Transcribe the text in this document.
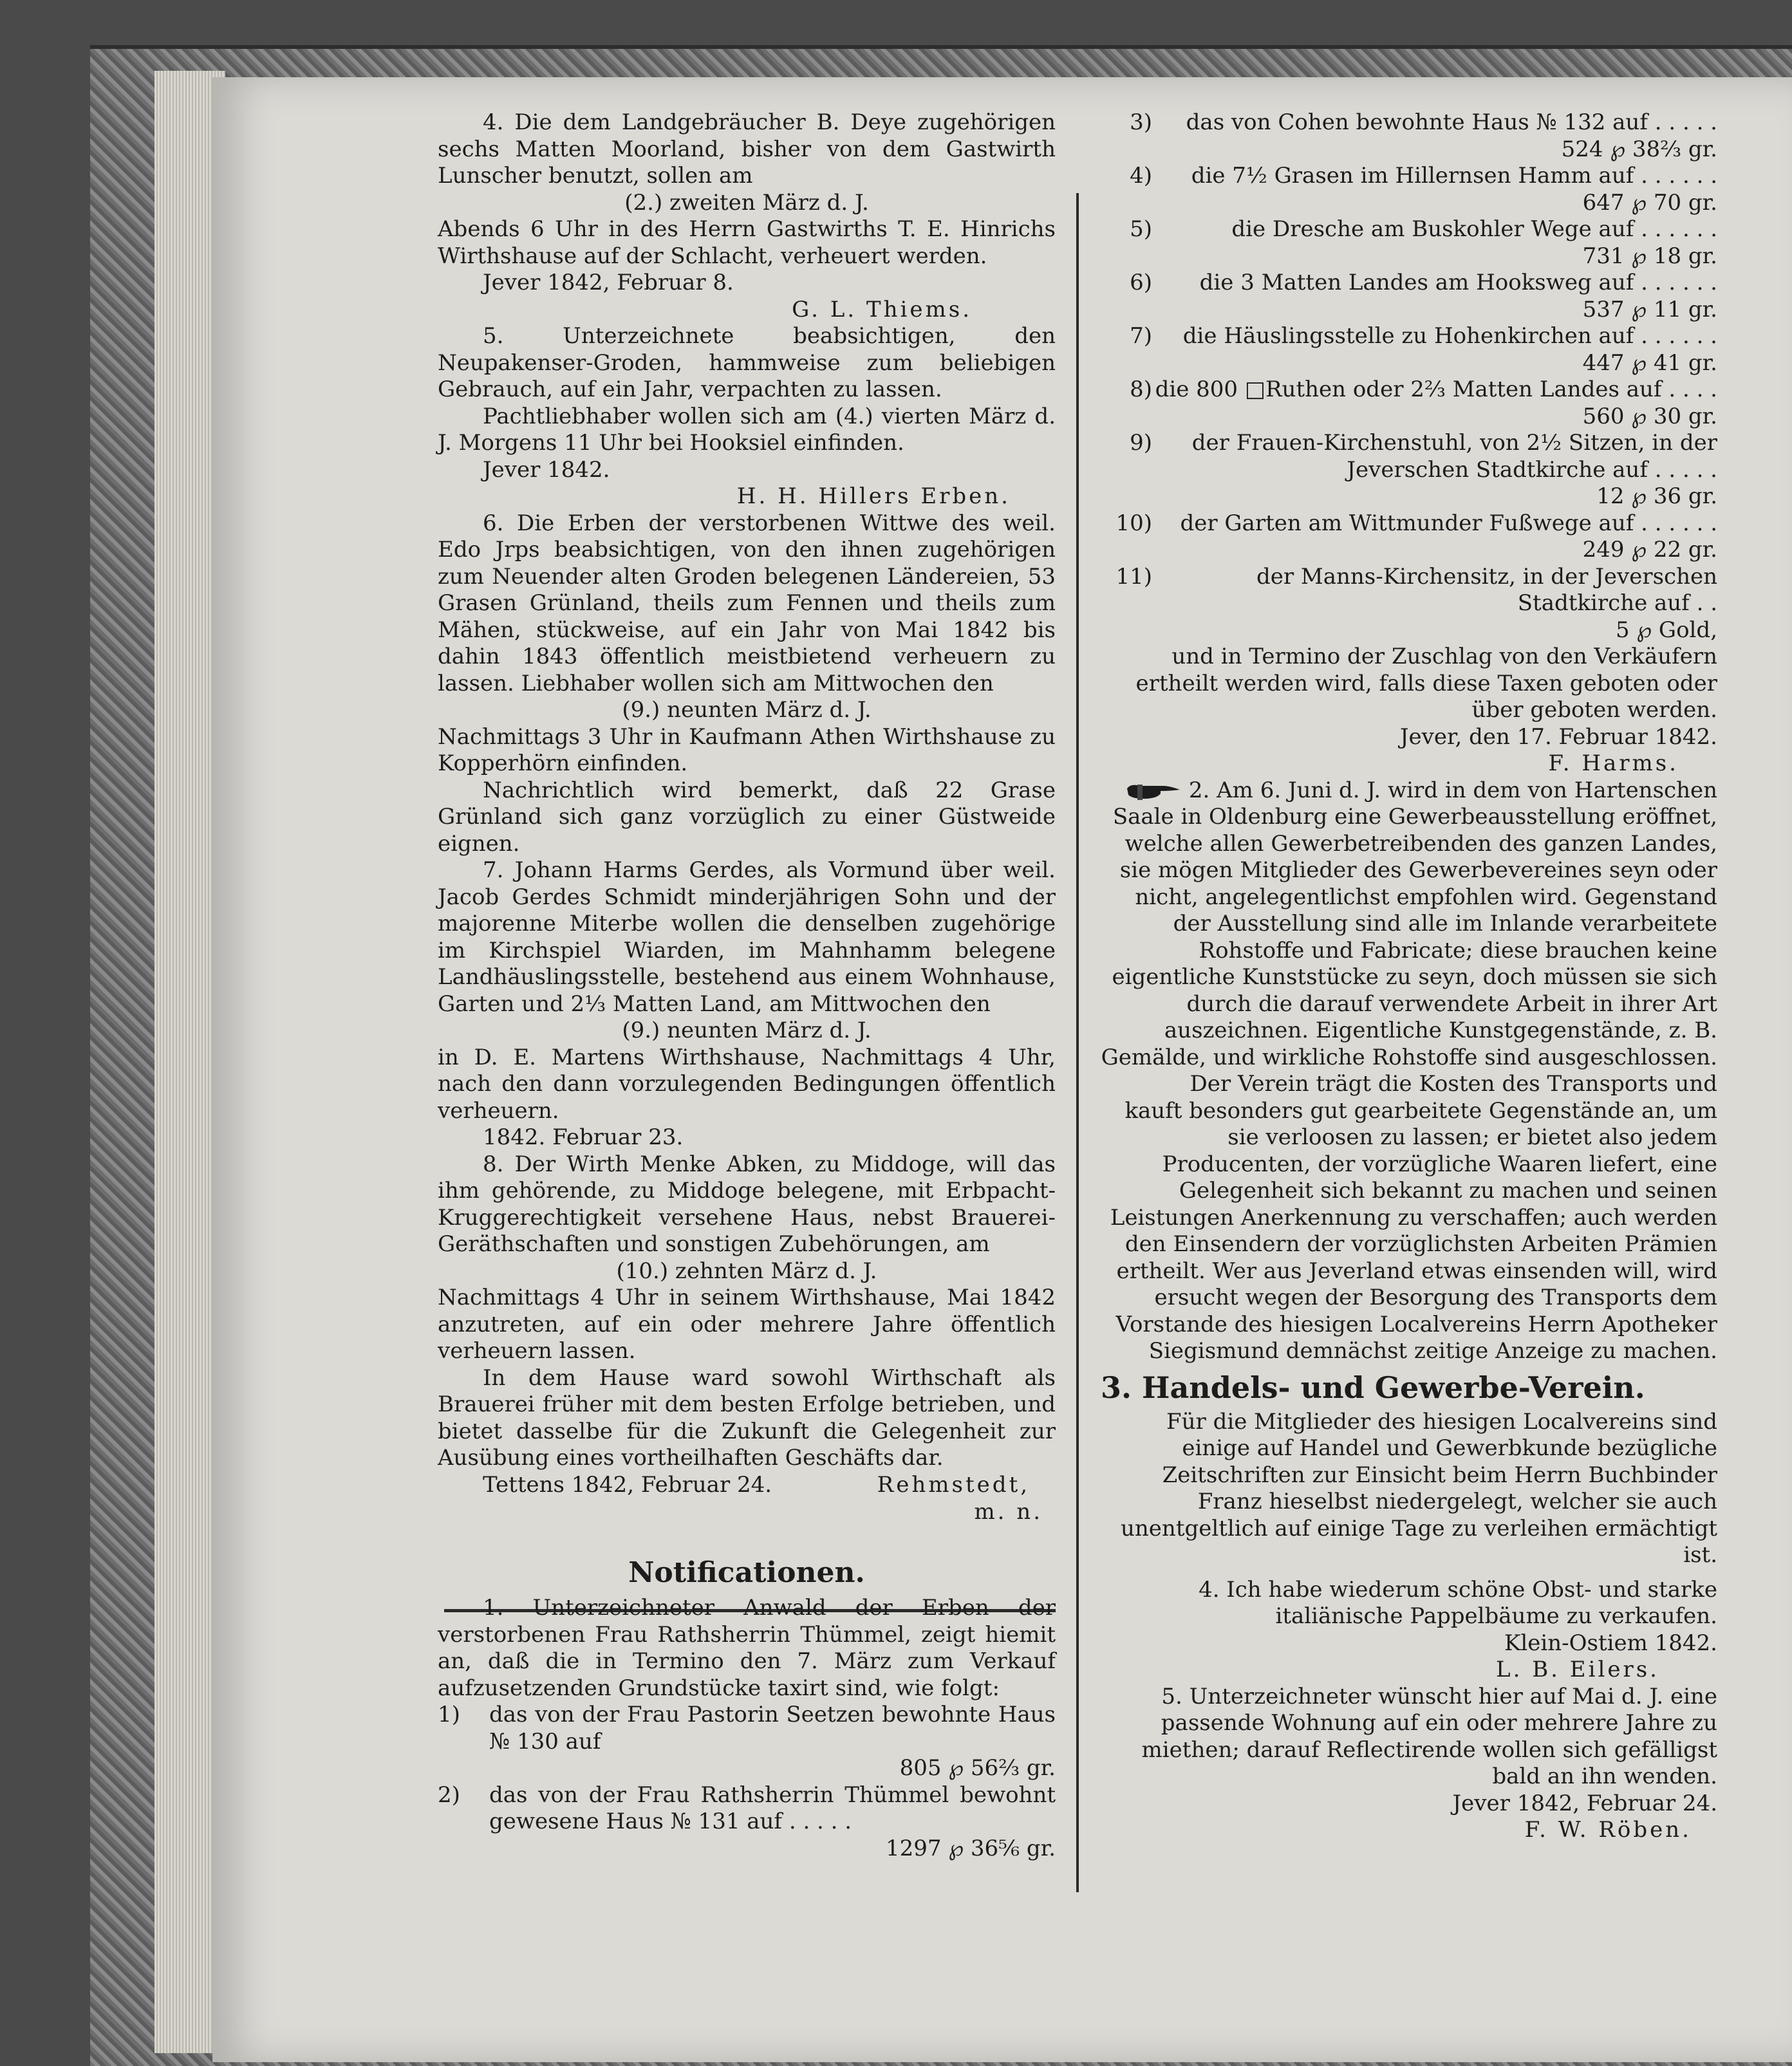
4. Die dem Landgebräucher B. Deye zugehörigen sechs Matten Moorland, bisher von dem Gastwirth Lunscher benutzt, sollen am

(2.) zweiten März d. J.

Abends 6 Uhr in des Herrn Gastwirths T. E. Hinrichs Wirthshause auf der Schlacht, verheuert werden.

Jever 1842, Februar 8.

G. L. Thiems.

5. Unterzeichnete beabsichtigen, den Neupakenser-Groden, hammweise zum beliebigen Gebrauch, auf ein Jahr, verpachten zu lassen.

Pachtliebhaber wollen sich am (4.) vierten März d. J. Morgens 11 Uhr bei Hooksiel einfinden.

Jever 1842.

H. H. Hillers Erben.

6. Die Erben der verstorbenen Wittwe des weil. Edo Jrps beabsichtigen, von den ihnen zugehörigen zum Neuender alten Groden belegenen Ländereien, 53 Grasen Grünland, theils zum Fennen und theils zum Mähen, stückweise, auf ein Jahr von Mai 1842 bis dahin 1843 öffentlich meistbietend verheuern zu lassen. Liebhaber wollen sich am Mittwochen den

(9.) neunten März d. J.

Nachmittags 3 Uhr in Kaufmann Athen Wirthshause zu Kopperhörn einfinden.

Nachrichtlich wird bemerkt, daß 22 Grase Grünland sich ganz vorzüglich zu einer Güstweide eignen.

7. Johann Harms Gerdes, als Vormund über weil. Jacob Gerdes Schmidt minderjährigen Sohn und der majorenne Miterbe wollen die denselben zugehörige im Kirchspiel Wiarden, im Mahnhamm belegene Landhäuslingsstelle, bestehend aus einem Wohnhause, Garten und 2⅓ Matten Land, am Mittwochen den

(9.) neunten März d. J.

in D. E. Martens Wirthshause, Nachmittags 4 Uhr, nach den dann vorzulegenden Bedingungen öffentlich verheuern.

1842. Februar 23.

8. Der Wirth Menke Abken, zu Middoge, will das ihm gehörende, zu Middoge belegene, mit Erbpacht-Kruggerechtigkeit versehene Haus, nebst Brauerei-Geräthschaften und sonstigen Zubehörungen, am

(10.) zehnten März d. J.

Nachmittags 4 Uhr in seinem Wirthshause, Mai 1842 anzutreten, auf ein oder mehrere Jahre öffentlich verheuern lassen.

In dem Hause ward sowohl Wirthschaft als Brauerei früher mit dem besten Erfolge betrieben, und bietet dasselbe für die Zukunft die Gelegenheit zur Ausübung eines vortheilhaften Geschäfts dar.

Tettens 1842, Februar 24.	Rehmstedt,

m. n.

Notificationen.

1. Unterzeichneter Anwald der Erben der verstorbenen Frau Rathsherrin Thümmel, zeigt hiemit an, daß die in Termino den 7. März zum Verkauf aufzusetzenden Grundstücke taxirt sind, wie folgt:

1)	das von der Frau Pastorin Seetzen bewohnte Haus № 130 auf
805 ℘ 56⅔ gr.
2)	das von der Frau Rathsherrin Thümmel bewohnt gewesene Haus № 131 auf . . . . .
1297 ℘ 36⅚ gr.
3)	das von Cohen bewohnte Haus № 132 auf . . . . .
524 ℘ 38⅔ gr.
4)	die 7½ Grasen im Hillernsen Hamm auf . . . . . .
647 ℘ 70 gr.
5)	die Dresche am Buskohler Wege auf . . . . . .
731 ℘ 18 gr.
6)	die 3 Matten Landes am Hooksweg auf . . . . . .
537 ℘ 11 gr.
7)	die Häuslingsstelle zu Hohenkirchen auf . . . . . .
447 ℘ 41 gr.
8) die 800 □Ruthen oder 2⅔ Matten Landes auf . . . .
560 ℘ 30 gr.
9)	der Frauen-Kirchenstuhl, von 2½ Sitzen, in der Jeverschen Stadtkirche auf . . . . .
12 ℘ 36 gr.
10)	der Garten am Wittmunder Fußwege auf . . . . . .
249 ℘ 22 gr.
11)	der Manns-Kirchensitz, in der Jeverschen Stadtkirche auf . .
5 ℘ Gold,

und in Termino der Zuschlag von den Verkäufern ertheilt werden wird, falls diese Taxen geboten oder über geboten werden.

Jever, den 17. Februar 1842.

F. Harms.

2. Am 6. Juni d. J. wird in dem von Hartenschen Saale in Oldenburg eine Gewerbeausstellung eröffnet, welche allen Gewerbetreibenden des ganzen Landes, sie mögen Mitglieder des Gewerbevereines seyn oder nicht, angelegentlichst empfohlen wird. Gegenstand der Ausstellung sind alle im Inlande verarbeitete Rohstoffe und Fabricate; diese brauchen keine eigentliche Kunststücke zu seyn, doch müssen sie sich durch die darauf verwendete Arbeit in ihrer Art auszeichnen. Eigentliche Kunstgegenstände, z. B. Gemälde, und wirkliche Rohstoffe sind ausgeschlossen.

Der Verein trägt die Kosten des Transports und kauft besonders gut gearbeitete Gegenstände an, um sie verloosen zu lassen; er bietet also jedem Producenten, der vorzügliche Waaren liefert, eine Gelegenheit sich bekannt zu machen und seinen Leistungen Anerkennung zu verschaffen; auch werden den Einsendern der vorzüglichsten Arbeiten Prämien ertheilt. Wer aus Jeverland etwas einsenden will, wird ersucht wegen der Besorgung des Transports dem Vorstande des hiesigen Localvereins Herrn Apotheker Siegismund demnächst zeitige Anzeige zu machen.

3. Handels- und Gewerbe-Verein.

Für die Mitglieder des hiesigen Localvereins sind einige auf Handel und Gewerbkunde bezügliche Zeitschriften zur Einsicht beim Herrn Buchbinder Franz hieselbst niedergelegt, welcher sie auch unentgeltlich auf einige Tage zu verleihen ermächtigt ist.

4. Ich habe wiederum schöne Obst- und starke italiänische Pappelbäume zu verkaufen.

Klein-Ostiem 1842.

L. B. Eilers.

5. Unterzeichneter wünscht hier auf Mai d. J. eine passende Wohnung auf ein oder mehrere Jahre zu miethen; darauf Reflectirende wollen sich gefälligst bald an ihn wenden.

Jever 1842, Februar 24.

F. W. Röben.
